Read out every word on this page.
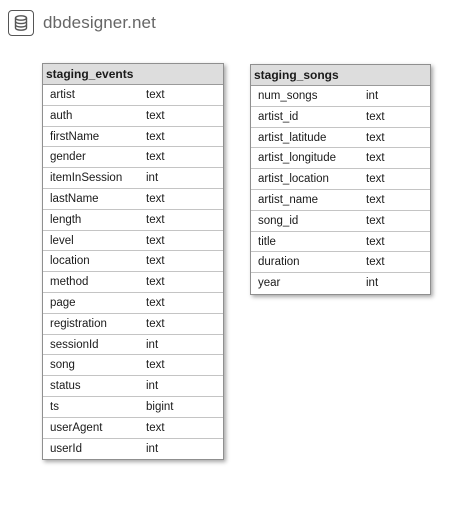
dbdesigner.net
staging_events
artist	text
auth	text
firstName	text
gender	text
itemInSession int
lastName	text
length	text
level	text
location	text
method	text
page	text
registration	text
sessionId	int
song	text
status	int
ts	bigint
userAgent	text
userId	int
staging_songs
num_songs	int
artist_id	text
artist_latitude	text
artist_longitude	text
artist_location	text
artist_name	text
song_id	text
title	text
duration	text
year	int
